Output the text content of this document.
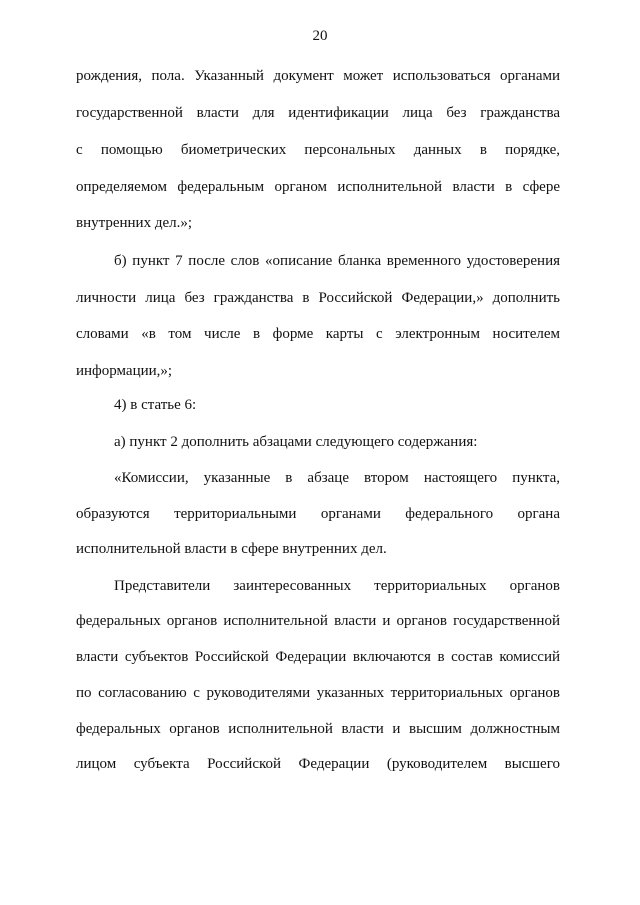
20
рождения, пола. Указанный документ может использоваться органами
государственной власти для идентификации лица без гражданства
с помощью биометрических персональных данных в порядке,
определяемом федеральным органом исполнительной власти в сфере
внутренних дел.»;
б) пункт 7 после слов «описание бланка временного удостоверения
личности лица без гражданства в Российской Федерации,» дополнить
словами «в том числе в форме карты с электронным носителем
информации,»;
4) в статье 6:
а) пункт 2 дополнить абзацами следующего содержания:
«Комиссии, указанные в абзаце втором настоящего пункта,
образуются территориальными органами федерального органа
исполнительной власти в сфере внутренних дел.
Представители заинтересованных территориальных органов
федеральных органов исполнительной власти и органов государственной
власти субъектов Российской Федерации включаются в состав комиссий
по согласованию с руководителями указанных территориальных органов
федеральных органов исполнительной власти и высшим должностным
лицом субъекта Российской Федерации (руководителем высшего
